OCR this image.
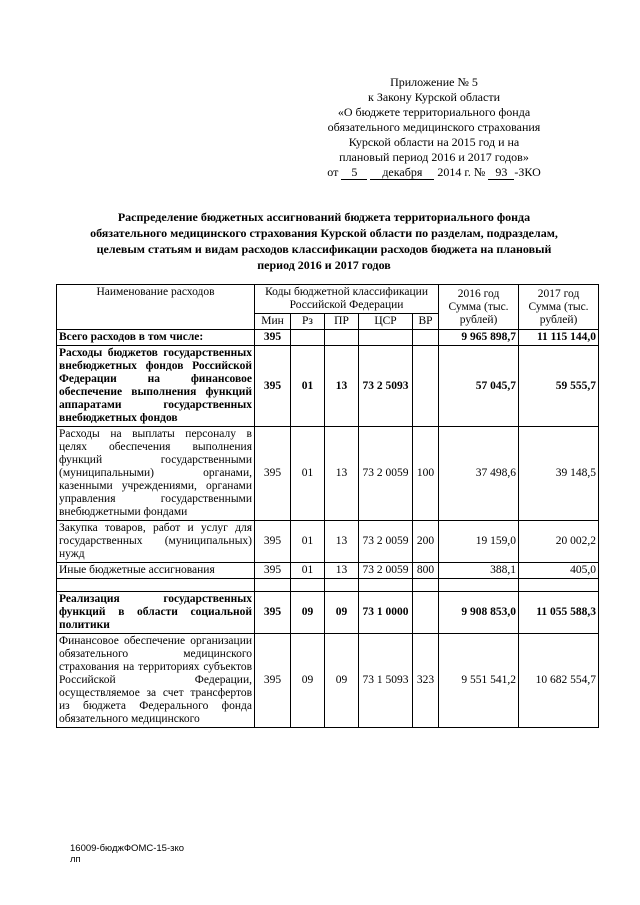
Приложение № 5
к Закону Курской области
«О бюджете территориального фонда
обязательного медицинского страхования
Курской области на 2015 год и на
плановый период 2016 и 2017 годов»
от 5 декабря 2014 г. № 93 -ЗКО
Распределение бюджетных ассигнований бюджета территориального фонда обязательного медицинского страхования Курской области по разделам, подразделам, целевым статьям и видам расходов классификации расходов бюджета на плановый период 2016 и 2017 годов
Наименование расходов	Коды бюджетной классификации Российской Федерации					2016 год Сумма (тыс. рублей)	2017 год Сумма (тыс. рублей)
	Мин	Рз	ПР	ЦСР	ВР		
Всего расходов в том числе:	395					9 965 898,7	11 115 144,0
Расходы бюджетов государственных внебюджетных фондов Российской Федерации на финансовое обеспечение выполнения функций аппаратами государственных внебюджетных фондов	395	01	13	73 2 5093		57 045,7	59 555,7
Расходы на выплаты персоналу в целях обеспечения выполнения функций государственными (муниципальными) органами, казенными учреждениями, органами управления государственными внебюджетными фондами	395	01	13	73 2 0059	100	37 498,6	39 148,5
Закупка товаров, работ и услуг для государственных (муниципальных) нужд	395	01	13	73 2 0059	200	19 159,0	20 002,2
Иные бюджетные ассигнования	395	01	13	73 2 0059	800	388,1	405,0

Реализация государственных функций в области социальной политики	395	09	09	73 1 0000		9 908 853,0	11 055 588,3
Финансовое обеспечение организации обязательного медицинского страхования на территориях субъектов Российской Федерации, осуществляемое за счет трансфертов из бюджета Федерального фонда обязательного медицинского	395	09	09	73 1 5093	323	9 551 541,2	10 682 554,7
16009-бюджФОМС-15-зко
лп
